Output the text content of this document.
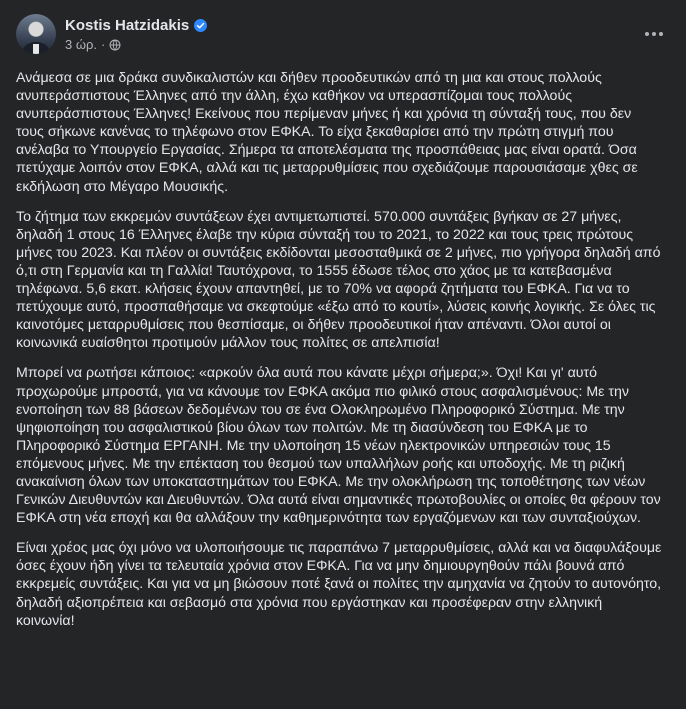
Kostis Hatzidakis
3 ώρ. ·

Ανάμεσα σε μια δράκα συνδικαλιστών και δήθεν προοδευτικών από τη μια και στους πολλούς ανυπεράσπιστους Έλληνες από την άλλη, έχω καθήκον να υπερασπίζομαι τους πολλούς ανυπεράσπιστους Έλληνες! Εκείνους που περίμεναν μήνες ή και χρόνια τη σύνταξή τους, που δεν τους σήκωνε κανένας το τηλέφωνο στον ΕΦΚΑ. Το είχα ξεκαθαρίσει από την πρώτη στιγμή που ανέλαβα το Υπουργείο Εργασίας. Σήμερα τα αποτελέσματα της προσπάθειας μας είναι ορατά. Όσα πετύχαμε λοιπόν στον ΕΦΚΑ, αλλά και τις μεταρρυθμίσεις που σχεδιάζουμε παρουσιάσαμε χθες σε εκδήλωση στο Μέγαρο Μουσικής.

Το ζήτημα των εκκρεμών συντάξεων έχει αντιμετωπιστεί. 570.000 συντάξεις βγήκαν σε 27 μήνες, δηλαδή 1 στους 16 Έλληνες έλαβε την κύρια σύνταξή του το 2021, το 2022 και τους τρεις πρώτους μήνες του 2023. Και πλέον οι συντάξεις εκδίδονται μεσοσταθμικά σε 2 μήνες, πιο γρήγορα δηλαδή από ό,τι στη Γερμανία και τη Γαλλία! Ταυτόχρονα, το 1555 έδωσε τέλος στο χάος με τα κατεβασμένα τηλέφωνα. 5,6 εκατ. κλήσεις έχουν απαντηθεί, με το 70% να αφορά ζητήματα του ΕΦΚΑ. Για να το πετύχουμε αυτό, προσπαθήσαμε να σκεφτούμε «έξω από το κουτί», λύσεις κοινής λογικής. Σε όλες τις καινοτόμες μεταρρυθμίσεις που θεσπίσαμε, οι δήθεν προοδευτικοί ήταν απέναντι. Όλοι αυτοί οι κοινωνικά ευαίσθητοι προτιμούν μάλλον τους πολίτες σε απελπισία!

Μπορεί να ρωτήσει κάποιος: «αρκούν όλα αυτά που κάνατε μέχρι σήμερα;». Όχι! Και γι' αυτό προχωρούμε μπροστά, για να κάνουμε τον ΕΦΚΑ ακόμα πιο φιλικό στους ασφαλισμένους: Με την ενοποίηση των 88 βάσεων δεδομένων του σε ένα Ολοκληρωμένο Πληροφορικό Σύστημα. Με την ψηφιοποίηση του ασφαλιστικού βίου όλων των πολιτών. Με τη διασύνδεση του ΕΦΚΑ με το Πληροφορικό Σύστημα ΕΡΓΑΝΗ. Με την υλοποίηση 15 νέων ηλεκτρονικών υπηρεσιών τους 15 επόμενους μήνες. Με την επέκταση του θεσμού των υπαλλήλων ροής και υποδοχής. Με τη ριζική ανακαίνιση όλων των υποκαταστημάτων του ΕΦΚΑ. Με την ολοκλήρωση της τοποθέτησης των νέων Γενικών Διευθυντών και Διευθυντών. Όλα αυτά είναι σημαντικές πρωτοβουλίες οι οποίες θα φέρουν τον ΕΦΚΑ στη νέα εποχή και θα αλλάξουν την καθημερινότητα των εργαζόμενων και των συνταξιούχων.

Είναι χρέος μας όχι μόνο να υλοποιήσουμε τις παραπάνω 7 μεταρρυθμίσεις, αλλά και να διαφυλάξουμε όσες έχουν ήδη γίνει τα τελευταία χρόνια στον ΕΦΚΑ. Για να μην δημιουργηθούν πάλι βουνά από εκκρεμείς συντάξεις. Και για να μη βιώσουν ποτέ ξανά οι πολίτες την αμηχανία να ζητούν το αυτονόητο, δηλαδή αξιοπρέπεια και σεβασμό στα χρόνια που εργάστηκαν και προσέφεραν στην ελληνική κοινωνία!
